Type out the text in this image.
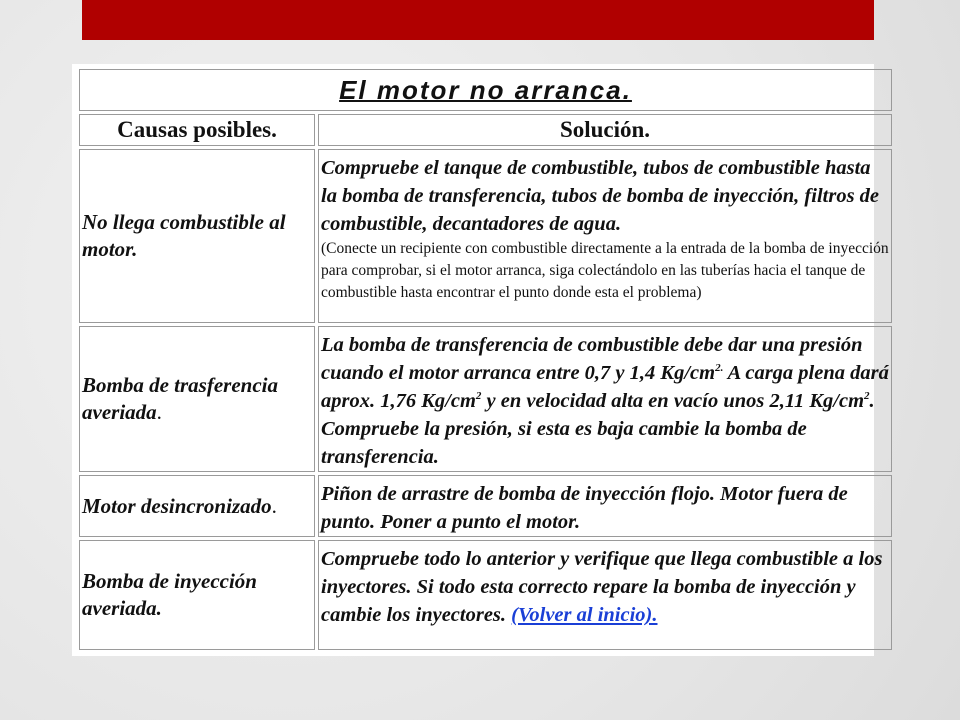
El motor no arranca.	
Causas posibles.	Solución.
No llega combustible al motor.	Compruebe el tanque de combustible, tubos de combustible hasta la bomba de transferencia, tubos de bomba de inyección, filtros de combustible, decantadores de agua.
(Conecte un recipiente con combustible directamente a la entrada de la bomba de inyección para comprobar, si el motor arranca, siga colectándolo en las tuberías hacia el tanque de combustible hasta encontrar el punto donde esta el problema)

Bomba de trasferencia averiada.	La bomba de transferencia de combustible debe dar una presión cuando el motor arranca entre 0,7 y 1,4 $Kg/cm^{2.}$ A carga plena dará aprox. 1,76 $Kg/cm^2$ y en velocidad alta en vacío unos 2,11 $Kg/cm^2$. Compruebe la presión, si esta es baja cambie la bomba de transferencia.
Motor desincronizado.	Piñon de arrastre de bomba de inyección flojo. Motor fuera de punto. Poner a punto el motor.
Bomba de inyección averiada.	Compruebe todo lo anterior y verifique que llega combustible a los inyectores. Si todo esta correcto repare la bomba de inyección y cambie los inyectores. (Volver al inicio).
